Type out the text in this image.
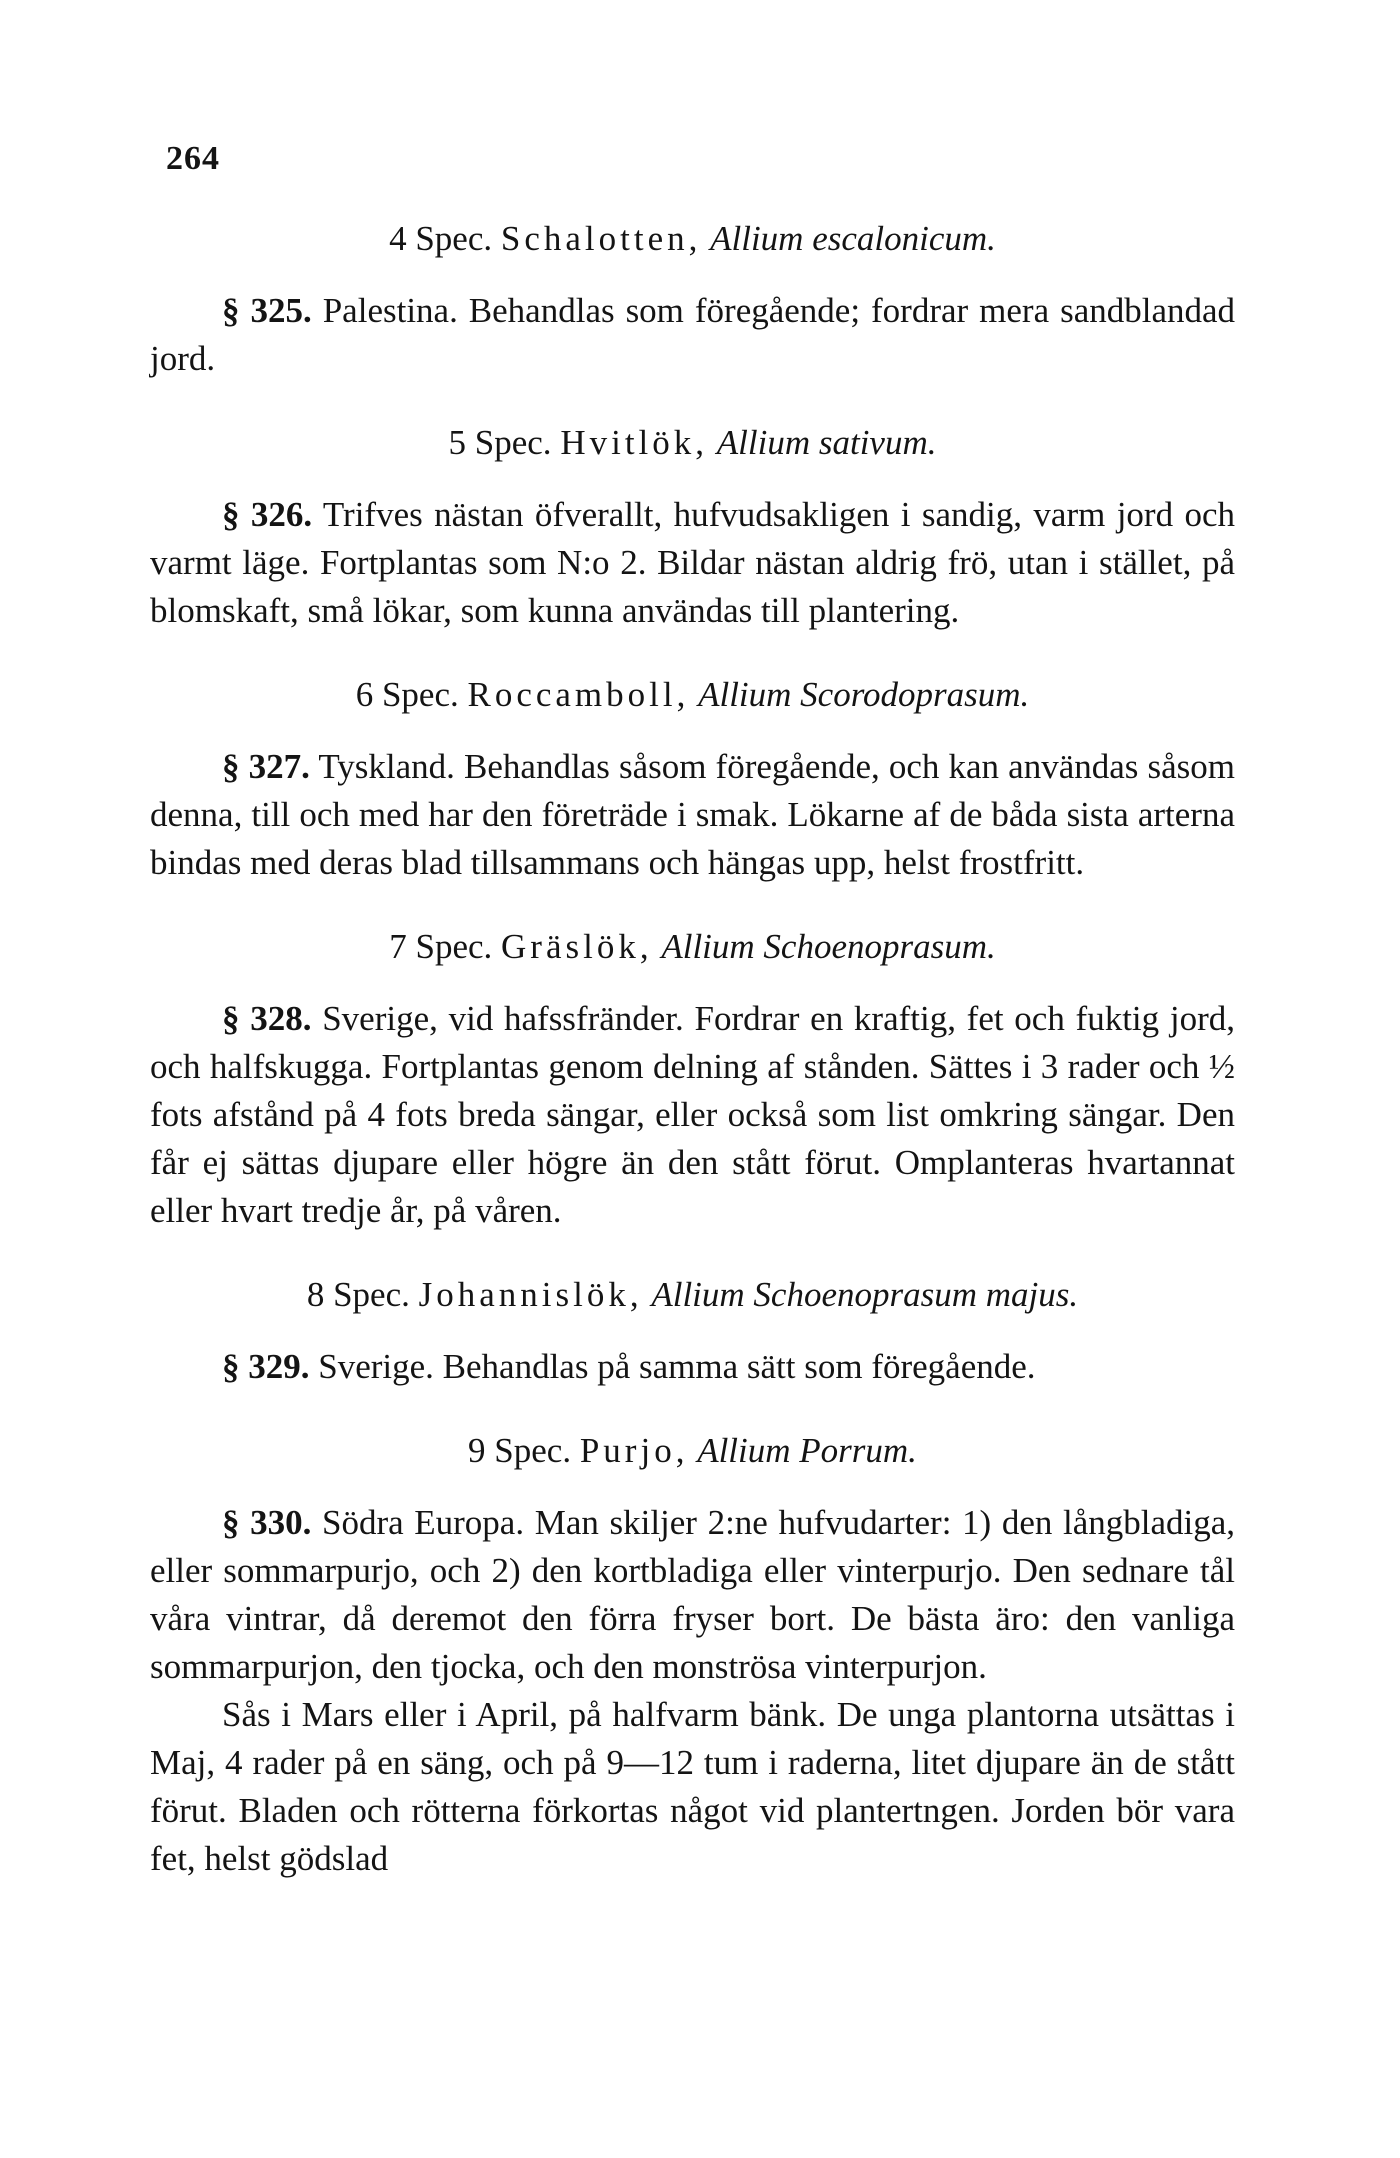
264

4 Spec. Schalotten, Allium escalonicum.

§ 325. Palestina. Behandlas som föregående; fordrar mera sandblandad jord.

5 Spec. Hvitlök, Allium sativum.

§ 326. Trifves nästan öfverallt, hufvudsakligen i sandig, varm jord och varmt läge. Fortplantas som N:o 2. Bildar nästan aldrig frö, utan i stället, på blomskaft, små lökar, som kunna användas till plantering.

6 Spec. Roccamboll, Allium Scorodoprasum.

§ 327. Tyskland. Behandlas såsom föregående, och kan användas såsom denna, till och med har den företräde i smak. Lökarne af de båda sista arterna bindas med deras blad tillsammans och hängas upp, helst frostfritt.

7 Spec. Gräslök, Allium Schoenoprasum.

§ 328. Sverige, vid hafssfränder. Fordrar en kraftig, fet och fuktig jord, och halfskugga. Fortplantas genom delning af stånden. Sättes i 3 rader och ½ fots afstånd på 4 fots breda sängar, eller också som list omkring sängar. Den får ej sättas djupare eller högre än den stått förut. Omplanteras hvartannat eller hvart tredje år, på våren.

8 Spec. Johannislök, Allium Schoenoprasum majus.

§ 329. Sverige. Behandlas på samma sätt som föregående.

9 Spec. Purjo, Allium Porrum.

§ 330. Södra Europa. Man skiljer 2:ne hufvudarter: 1) den långbladiga, eller sommarpurjo, och 2) den kortbladiga eller vinterpurjo. Den sednare tål våra vintrar, då deremot den förra fryser bort. De bästa äro: den vanliga sommarpurjon, den tjocka, och den monströsa vinterpurjon.

Sås i Mars eller i April, på halfvarm bänk. De unga plantorna utsättas i Maj, 4 rader på en säng, och på 9—12 tum i raderna, litet djupare än de stått förut. Bladen och rötterna förkortas något vid plantertngen. Jorden bör vara fet, helst gödslad
